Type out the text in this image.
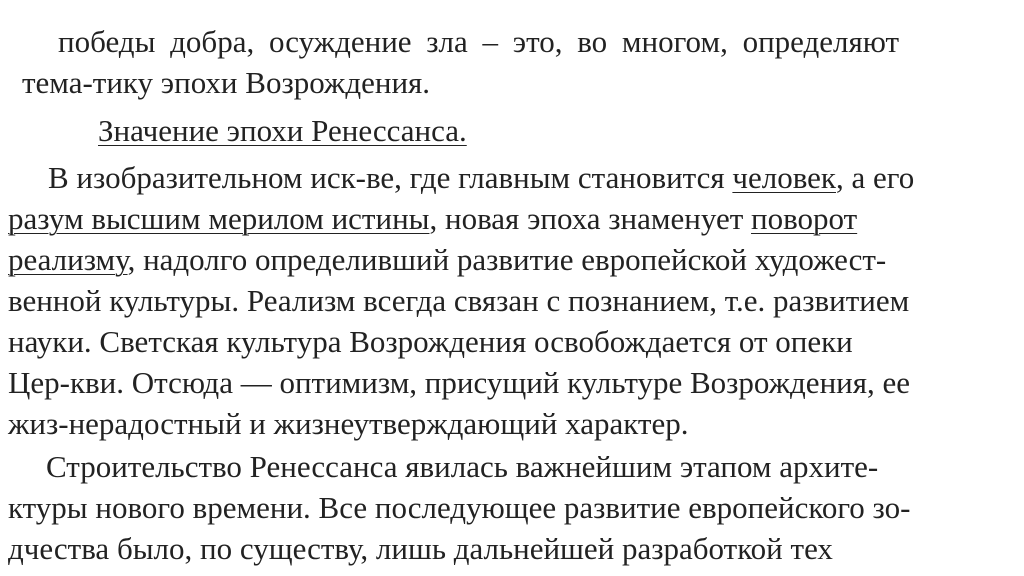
победы добра, осуждение зла – это, во многом, определяют
тема-тику эпохи Возрождения.
Значение эпохи Ренессанса.
В изобразительном иск-ве, где главным становится человек, а его
разум высшим мерилом истины, новая эпоха знаменует поворот
реализму, надолго определивший развитие европейской художест-
венной культуры. Реализм всегда связан с познанием, т.е. развитием
науки. Светская культура Возрождения освобождается от опеки
Цер-кви. Отсюда — оптимизм, присущий культуре Возрождения, ее
жиз-нерадостный и жизнеутверждающий характер.
Строительство Ренессанса явилась важнейшим этапом архите-
ктуры нового времени. Все последующее развитие европейского зо-
дчества было, по существу, лишь дальнейшей разработкой тех
